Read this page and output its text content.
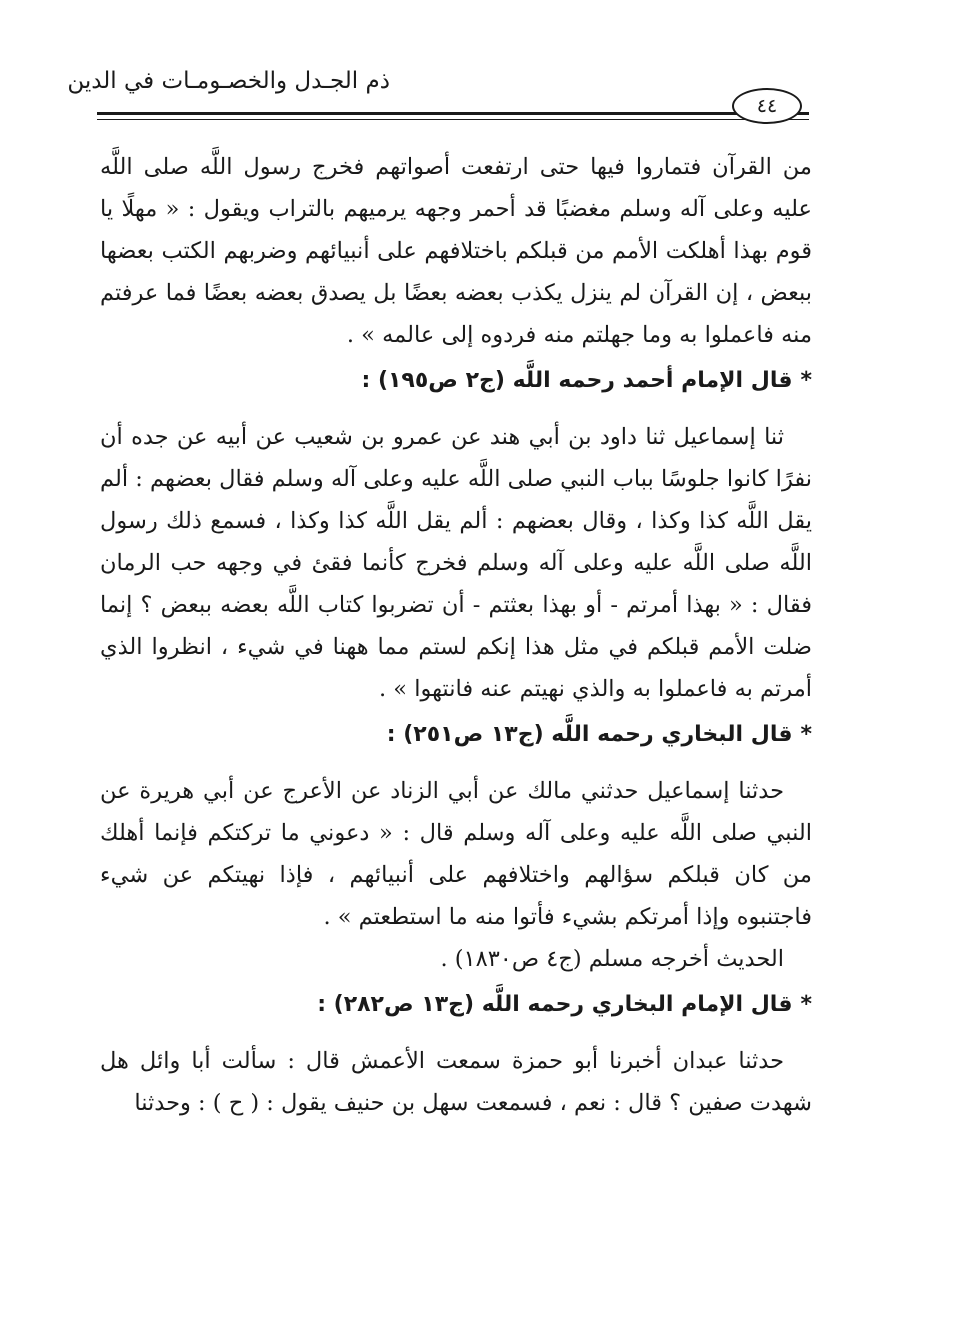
ذم الجـدل والخصـومـات في الدين
٤٤

من القرآن فتماروا فيها حتى ارتفعت أصواتهم فخرج رسول اللَّه صلى اللَّه عليه وعلى آله وسلم مغضبًا قد أحمر وجهه يرميهم بالتراب ويقول : « مهلًا يا قوم بهذا أهلكت الأمم من قبلكم باختلافهم على أنبيائهم وضربهم الكتب بعضها ببعض ، إن القرآن لم ينزل يكذب بعضه بعضًا بل يصدق بعضه بعضًا فما عرفتم منه فاعملوا به وما جهلتم منه فردوه إلى عالمه » .

*قال الإمام أحمد رحمه اللَّه (ج٢ ص١٩٥) :

ثنا إسماعيل ثنا داود بن أبي هند عن عمرو بن شعيب عن أبيه عن جده أن نفرًا كانوا جلوسًا بباب النبي صلى اللَّه عليه وعلى آله وسلم فقال بعضهم : ألم يقل اللَّه كذا وكذا ، وقال بعضهم : ألم يقل اللَّه كذا وكذا ، فسمع ذلك رسول اللَّه صلى اللَّه عليه وعلى آله وسلم فخرج كأنما فقئ في وجهه حب الرمان فقال : « بهذا أمرتم - أو بهذا بعثتم - أن تضربوا كتاب اللَّه بعضه ببعض ؟ إنما ضلت الأمم قبلكم في مثل هذا إنكم لستم مما ههنا في شيء ، انظروا الذي أمرتم به فاعملوا به والذي نهيتم عنه فانتهوا » .

*قال البخاري رحمه اللَّه (ج١٣ ص٢٥١) :

حدثنا إسماعيل حدثني مالك عن أبي الزناد عن الأعرج عن أبي هريرة عن النبي صلى اللَّه عليه وعلى آله وسلم قال : « دعوني ما تركتكم فإنما أهلك من كان قبلكم سؤالهم واختلافهم على أنبيائهم ، فإذا نهيتكم عن شيء فاجتنبوه وإذا أمرتكم بشيء فأتوا منه ما استطعتم » .

الحديث أخرجه مسلم (ج٤ ص١٨٣٠) .

*قال الإمام البخاري رحمه اللَّه (ج١٣ ص٢٨٢) :

حدثنا عبدان أخبرنا أبو حمزة سمعت الأعمش قال : سألت أبا وائل هل شهدت صفين ؟ قال : نعم ، فسمعت سهل بن حنيف يقول : ( ح ) : وحدثنا
